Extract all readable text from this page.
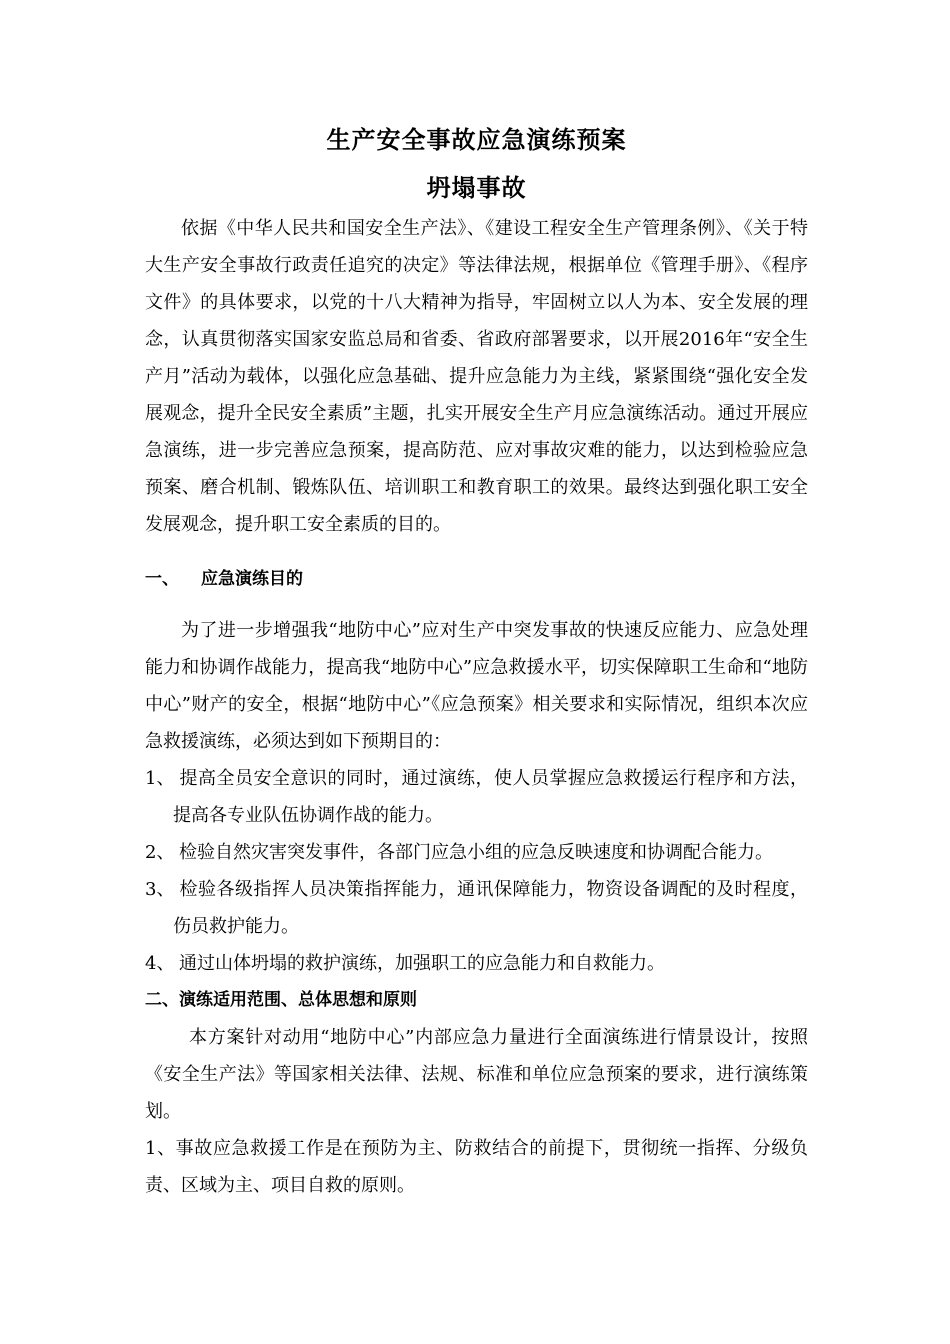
生产安全事故应急演练预案
坍塌事故

依据《中华人民共和国安全生产法》、《建设工程安全生产管理条例》、《关于特大生产安全事故行政责任追究的决定》等法律法规，根据单位《管理手册》、《程序文件》的具体要求，以党的十八大精神为指导，牢固树立以人为本、安全发展的理念，认真贯彻落实国家安监总局和省委、省政府部署要求，以开展2016年“安全生产月”活动为载体，以强化应急基础、提升应急能力为主线，紧紧围绕“强化安全发展观念，提升全民安全素质”主题，扎实开展安全生产月应急演练活动。通过开展应急演练，进一步完善应急预案，提高防范、应对事故灾难的能力，以达到检验应急预案、磨合机制、锻炼队伍、培训职工和教育职工的效果。最终达到强化职工安全发展观念，提升职工安全素质的目的。

一、 应急演练目的

为了进一步增强我“地防中心”应对生产中突发事故的快速反应能力、应急处理能力和协调作战能力，提高我“地防中心”应急救援水平，切实保障职工生命和“地防中心”财产的安全，根据“地防中心”《应急预案》相关要求和实际情况，组织本次应急救援演练，必须达到如下预期目的：

1、 提高全员安全意识的同时，通过演练，使人员掌握应急救援运行程序和方法，提高各专业队伍协调作战的能力。

2、 检验自然灾害突发事件，各部门应急小组的应急反映速度和协调配合能力。

3、 检验各级指挥人员决策指挥能力，通讯保障能力，物资设备调配的及时程度，伤员救护能力。

4、 通过山体坍塌的救护演练，加强职工的应急能力和自救能力。

二、演练适用范围、总体思想和原则

本方案针对动用“地防中心”内部应急力量进行全面演练进行情景设计，按照《安全生产法》等国家相关法律、法规、标准和单位应急预案的要求，进行演练策划。

1、事故应急救援工作是在预防为主、防救结合的前提下，贯彻统一指挥、分级负责、区域为主、项目自救的原则。
